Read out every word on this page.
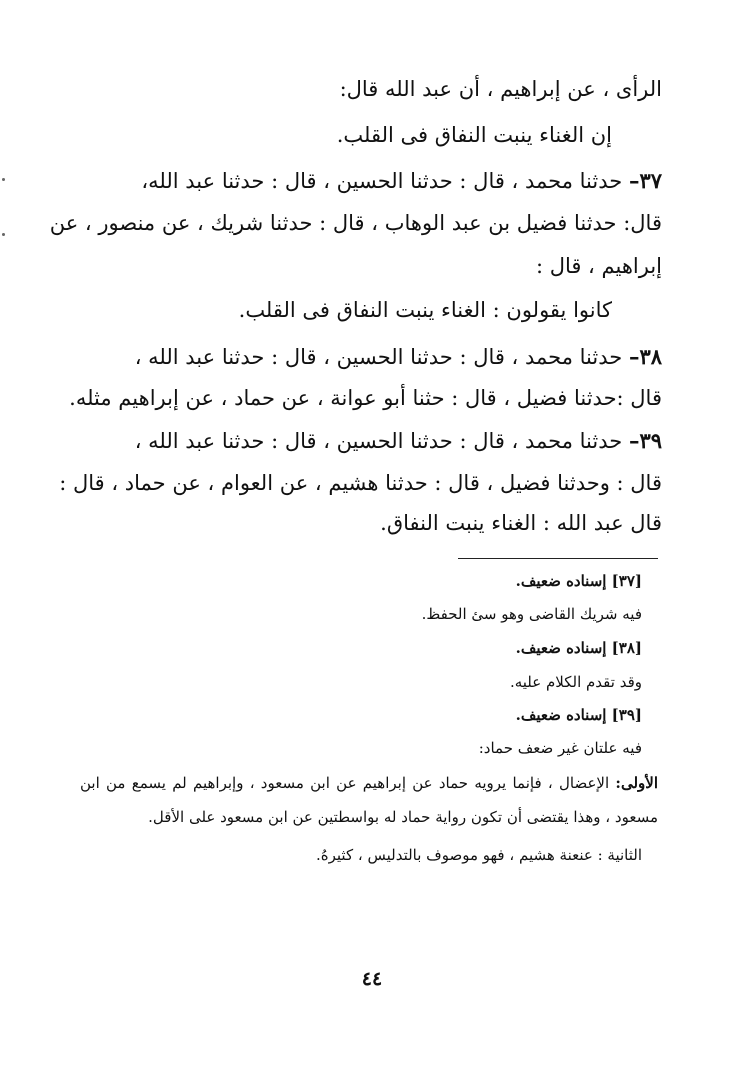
الرأى ، عن إبراهيم ، أن عبد الله قال:
إن الغناء ينبت النفاق فى القلب.
٣٧– حدثنا محمد ، قال : حدثنا الحسين ، قال : حدثنا عبد الله،
قال: حدثنا فضيل بن عبد الوهاب ، قال : حدثنا شريك ، عن منصور ، عن
إبراهيم ، قال :
كانوا يقولون : الغناء ينبت النفاق فى القلب.
٣٨– حدثنا محمد ، قال : حدثنا الحسين ، قال : حدثنا عبد الله ،
قال :حدثنا فضيل ، قال : حثنا أبو عوانة ، عن حماد ، عن إبراهيم مثله.
٣٩– حدثنا محمد ، قال : حدثنا الحسين ، قال : حدثنا عبد الله ،
قال : وحدثنا فضيل ، قال : حدثنا هشيم ، عن العوام ، عن حماد ، قال :
قال عبد الله : الغناء ينبت النفاق.
[٣٧] إسناده ضعيف.
فيه شريك القاضى وهو سئ الحفظ.
[٣٨] إسناده ضعيف.
وقد تقدم الكلام عليه.
[٣٩] إسناده ضعيف.
فيه علتان غير ضعف حماد:
الأولى: الإعضال ، فإنما يرويه حماد عن إبراهيم عن ابن مسعود ، وإبراهيم لم يسمع من ابن
مسعود ، وهذا يقتضى أن تكون رواية حماد له بواسطتين عن ابن مسعود على الأقل.
الثانية : عنعنة هشيم ، فهو موصوف بالتدليس ، كثيرهُ.
٤٤
